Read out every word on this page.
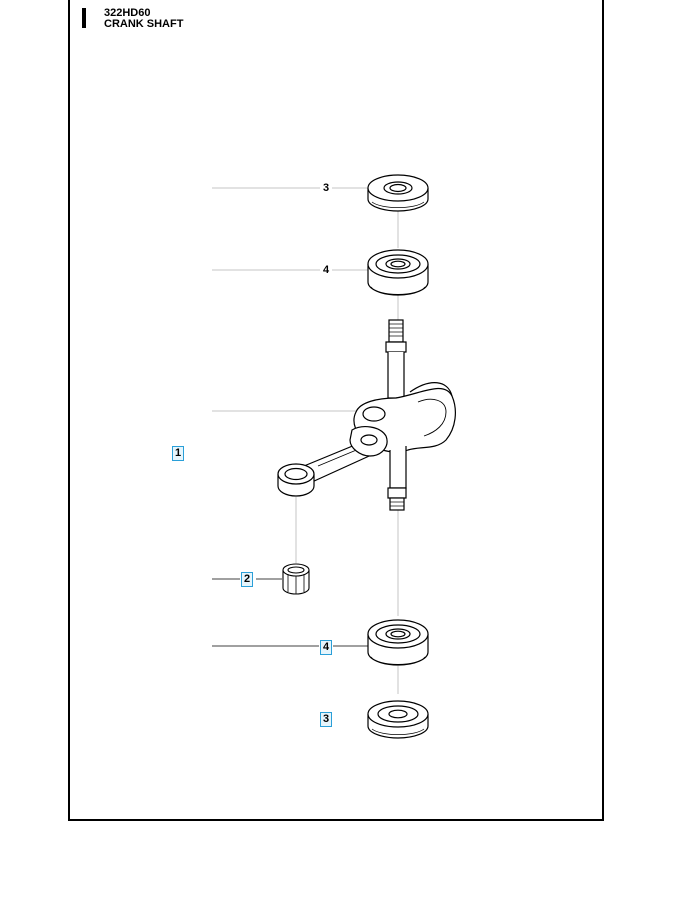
322HD60
CRANK SHAFT
3
4
1
2
4
3
